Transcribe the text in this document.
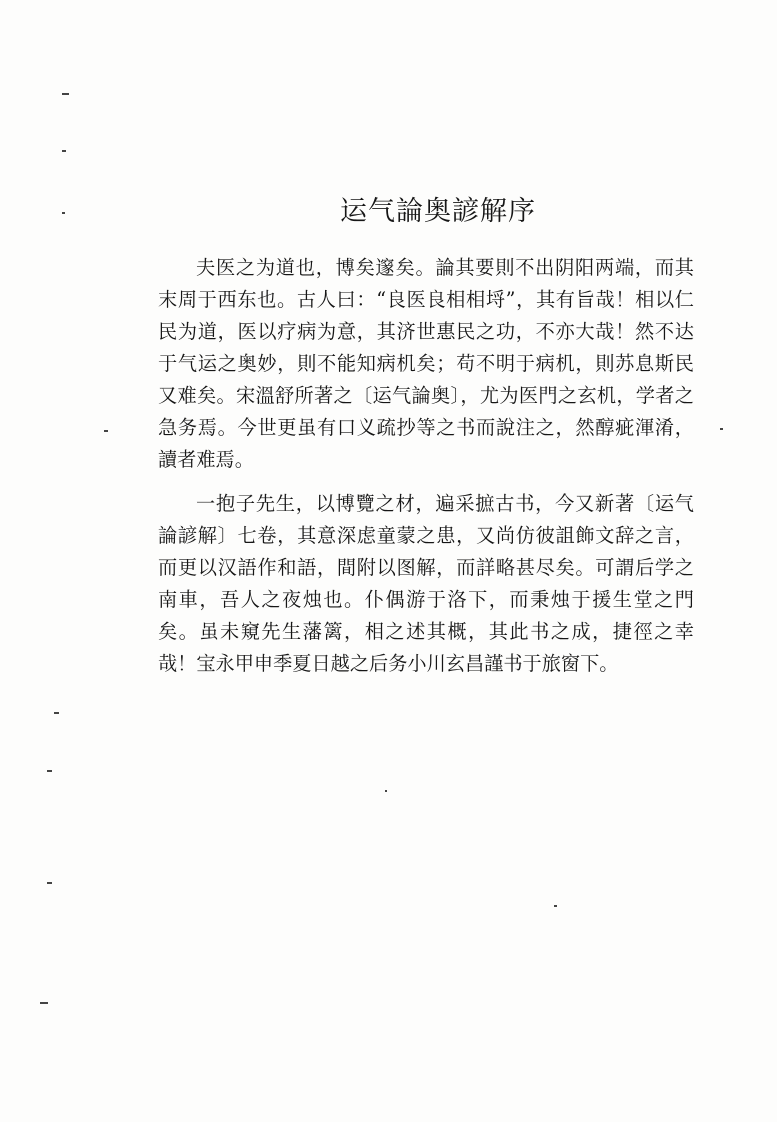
运气論奥諺解序

夫医之为道也，博矣邃矣。論其要則不出阴阳两端，而其末周于西东也。古人曰：“良医良相相埒”，其有旨哉！相以仁民为道，医以疗病为意，其济世惠民之功，不亦大哉！然不达于气运之奥妙，則不能知病机矣；苟不明于病机，則苏息斯民又难矣。宋溫舒所著之〔运气論奥〕，尤为医門之玄机，学者之急务焉。今世更虽有口义疏抄等之书而說注之，然醇疵渾淆，讀者难焉。

一抱子先生，以博覽之材，遍采摭古书，今又新著〔运气論諺解〕七卷，其意深虑童蒙之患，又尚仿彼詛飾文辞之言，而更以汉語作和語，間附以图解，而詳略甚尽矣。可謂后学之南車，吾人之夜烛也。仆偶游于洛下，而秉烛于援生堂之門矣。虽未窺先生藩篱，相之述其概，其此书之成，捷徑之幸哉！宝永甲申季夏日越之后务小川玄昌謹书于旅窗下。
